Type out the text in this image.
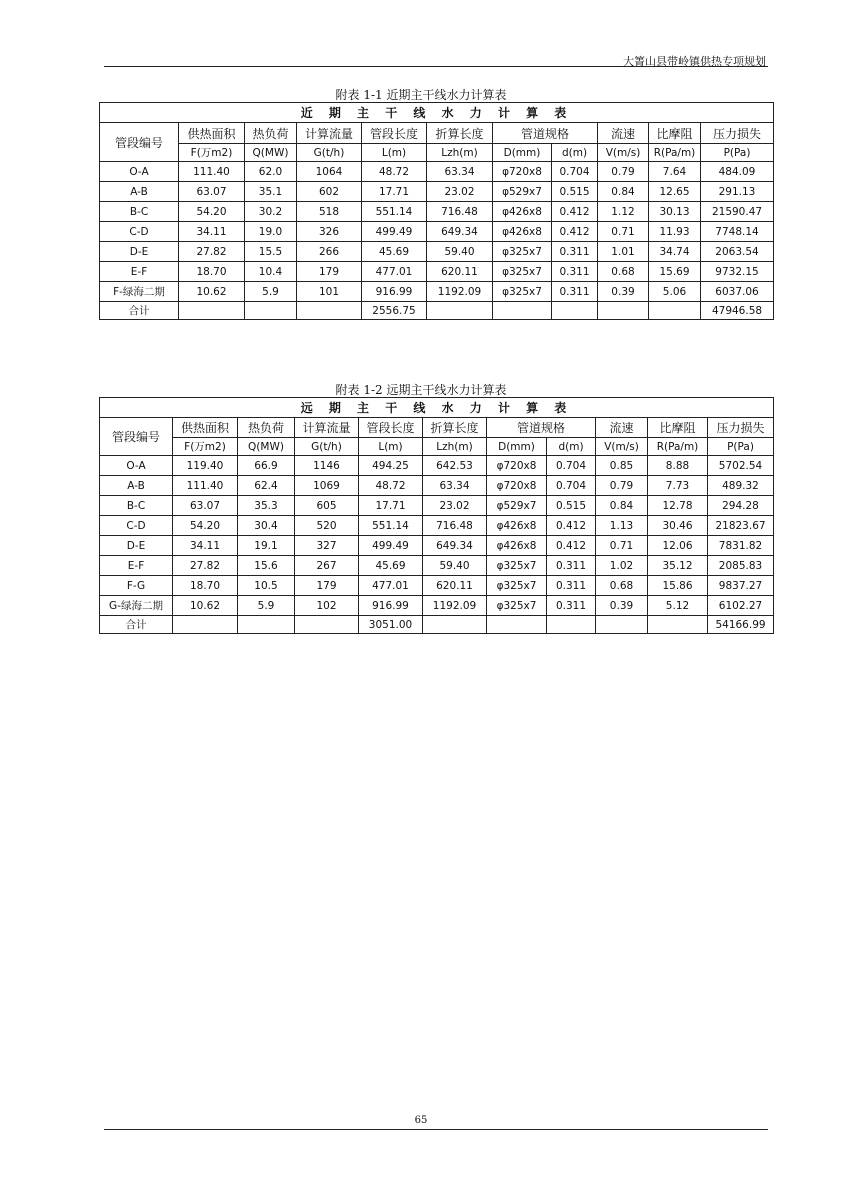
大箐山县带岭镇供热专项规划
附表 1-1 近期主干线水力计算表
近 期 主 干 线 水 力 计 算 表										
管段编号	供热面积	热负荷	计算流量	管段长度	折算长度	管道规格		流速	比摩阻	压力损失
	F(万m2)	Q(MW)	G(t/h)	L(m)	Lzh(m)	D(mm)	d(m)	V(m/s)	R(Pa/m)	P(Pa)
O-A	111.40	62.0	1064	48.72	63.34	φ720x8	0.704	0.79	7.64	484.09
A-B	63.07	35.1	602	17.71	23.02	φ529x7	0.515	0.84	12.65	291.13
B-C	54.20	30.2	518	551.14	716.48	φ426x8	0.412	1.12	30.13	21590.47
C-D	34.11	19.0	326	499.49	649.34	φ426x8	0.412	0.71	11.93	7748.14
D-E	27.82	15.5	266	45.69	59.40	φ325x7	0.311	1.01	34.74	2063.54
E-F	18.70	10.4	179	477.01	620.11	φ325x7	0.311	0.68	15.69	9732.15
F-绿海二期	10.62	5.9	101	916.99	1192.09	φ325x7	0.311	0.39	5.06	6037.06
合计				2556.75						47946.58
附表 1-2 远期主干线水力计算表
远 期 主 干 线 水 力 计 算 表										
管段编号	供热面积	热负荷	计算流量	管段长度	折算长度	管道规格		流速	比摩阻	压力损失
	F(万m2)	Q(MW)	G(t/h)	L(m)	Lzh(m)	D(mm)	d(m)	V(m/s)	R(Pa/m)	P(Pa)
O-A	119.40	66.9	1146	494.25	642.53	φ720x8	0.704	0.85	8.88	5702.54
A-B	111.40	62.4	1069	48.72	63.34	φ720x8	0.704	0.79	7.73	489.32
B-C	63.07	35.3	605	17.71	23.02	φ529x7	0.515	0.84	12.78	294.28
C-D	54.20	30.4	520	551.14	716.48	φ426x8	0.412	1.13	30.46	21823.67
D-E	34.11	19.1	327	499.49	649.34	φ426x8	0.412	0.71	12.06	7831.82
E-F	27.82	15.6	267	45.69	59.40	φ325x7	0.311	1.02	35.12	2085.83
F-G	18.70	10.5	179	477.01	620.11	φ325x7	0.311	0.68	15.86	9837.27
G-绿海二期	10.62	5.9	102	916.99	1192.09	φ325x7	0.311	0.39	5.12	6102.27
合计				3051.00						54166.99
65
